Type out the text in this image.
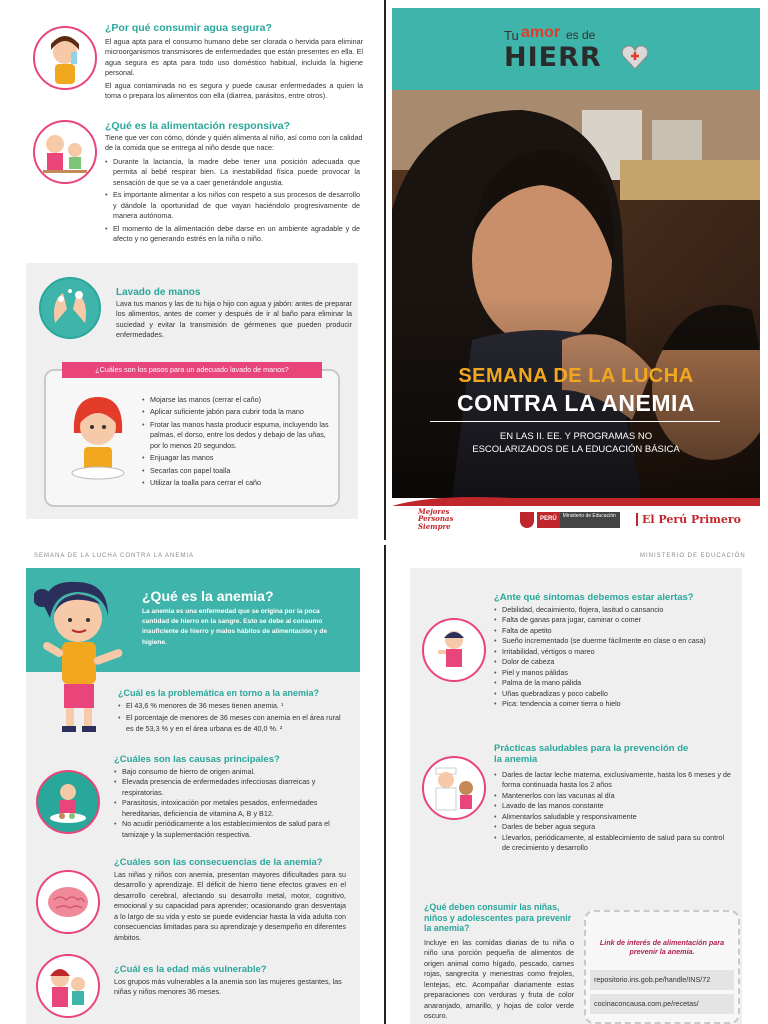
¿Por qué consumir agua segura?
El agua apta para el consumo humano debe ser clorada o hervida para eliminar microorganismos transmisores de enfermedades que están presentes en ella. El agua segura es apta para todo uso doméstico habitual, incluida la higiene personal.
El agua contaminada no es segura y puede causar enfermedades a quien la toma o prepara los alimentos con ella (diarrea, parásitos, entre otros).
¿Qué es la alimentación responsiva?
Tiene que ver con cómo, dónde y quién alimenta al niño, así como con la calidad de la comida que se entrega al niño desde que nace:
• Durante la lactancia, la madre debe tener una posición adecuada que permita al bebé respirar bien. La inestabilidad física puede provocar la sensación de que se va a caer generándole angustia.
• Es importante alimentar a los niños con respeto a sus procesos de desarrollo y dándole la oportunidad de que vayan haciéndolo progresivamente de manera autónoma.
• El momento de la alimentación debe darse en un ambiente agradable y de afecto y no generando estrés en la niña o niño.
Lavado de manos
Lava tus manos y las de tu hija o hijo con agua y jabón: antes de preparar los alimentos, antes de comer y después de ir al baño para eliminar la suciedad y evitar la transmisión de gérmenes que pueden producir enfermedades.
¿Cuáles son los pasos para un adecuado lavado de manos?
• Mojarse las manos (cerrar el caño)
• Aplicar suficiente jabón para cubrir toda la mano
• Frotar las manos hasta producir espuma, incluyendo las palmas, el dorso, entre los dedos y debajo de las uñas, por lo menos 20 segundos.
• Enjuagar las manos
• Secarlas con papel toalla
• Utilizar la toalla para cerrar el caño
Tu amor es de
HIERR
SEMANA DE LA LUCHA
CONTRA LA ANEMIA
EN LAS II. EE. Y PROGRAMAS NO ESCOLARIZADOS DE LA EDUCACIÓN BÁSICA
Mejores
Personas
Siempre
PERÚ	Ministerio de Educación	El Perú Primero
SEMANA DE LA LUCHA CONTRA LA ANEMIA	MINISTERIO DE EDUCACIÓN
¿Qué es la anemia?
La anemia es una enfermedad que se origina por la poca cantidad de hierro en la sangre. Esto se debe al consumo insuficiente de hierro y malos hábitos de alimentación y de higiene.
¿Cuál es la problemática en torno a la anemia?
• El 43,6 % menores de 36 meses tienen anemia. ¹
• El porcentaje de menores de 36 meses con anemia en el área rural es de 53,3 % y en el área urbana es de 40,0 %. ²
¿Cuáles son las causas principales?
• Bajo consumo de hierro de origen animal.
• Elevada presencia de enfermedades infecciosas diarreicas y respiratorias.
• Parasitosis, intoxicación por metales pesados, enfermedades hereditarias, deficiencia de vitamina A, B y B12.
• No acudir periódicamente a los establecimientos de salud para el tamizaje y la suplementación respectiva.
¿Cuáles son las consecuencias de la anemia?
Las niñas y niños con anemia, presentan mayores dificultades para su desarrollo y aprendizaje. El déficit de hierro tiene efectos graves en el desarrollo cerebral, afectando su desarrollo metal, motor, cognitivo, emocional y su capacidad para aprender; ocasionando gran desventaja a lo largo de su vida y esto se puede evidenciar hasta la vida adulta con consecuencias limitadas para su aprendizaje y desempeño en diferentes ámbitos.
¿Cuál es la edad más vulnerable?
Los grupos más vulnerables a la anemia son las mujeres gestantes, las niñas y niños menores 36 meses.
¿Ante qué síntomas debemos estar alertas?
• Debilidad, decaimiento, flojera, lasitud o cansancio
• Falta de ganas para jugar, caminar o comer
• Falta de apetito
• Sueño incrementado (se duerme fácilmente en clase o en casa)
• Irritabilidad, vértigos o mareo
• Dolor de cabeza
• Piel y manos pálidas
• Palma de la mano pálida
• Uñas quebradizas y poco cabello
• Pica: tendencia a comer tierra o hielo
Prácticas saludables para la prevención de la anemia
• Darles de lactar leche materna, exclusivamente, hasta los 6 meses y de forma continuada hasta los 2 años
• Mantenerlos con las vacunas al día
• Lavado de las manos constante
• Alimentarlos saludable y responsivamente
• Darles de beber agua segura
• Llevarlos, periódicamente, al establecimiento de salud para su control de crecimiento y desarrollo
¿Qué deben consumir las niñas, niños y adolescentes para prevenir la anemia?
Incluye en las comidas diarias de tu niña o niño una porción pequeña de alimentos de origen animal como hígado, pescado, carnes rojas, sangrecita y menestras como frejoles, lentejas, etc. Acompañar diariamente estas preparaciones con verduras y fruta de color anaranjado, amarillo, y hojas de color verde oscuro.
Link de interés de alimentación para prevenir la anemia.
repositorio.ins.gob.pe/handle/INS/72
cocinaconcausa.com.pe/recetas/
